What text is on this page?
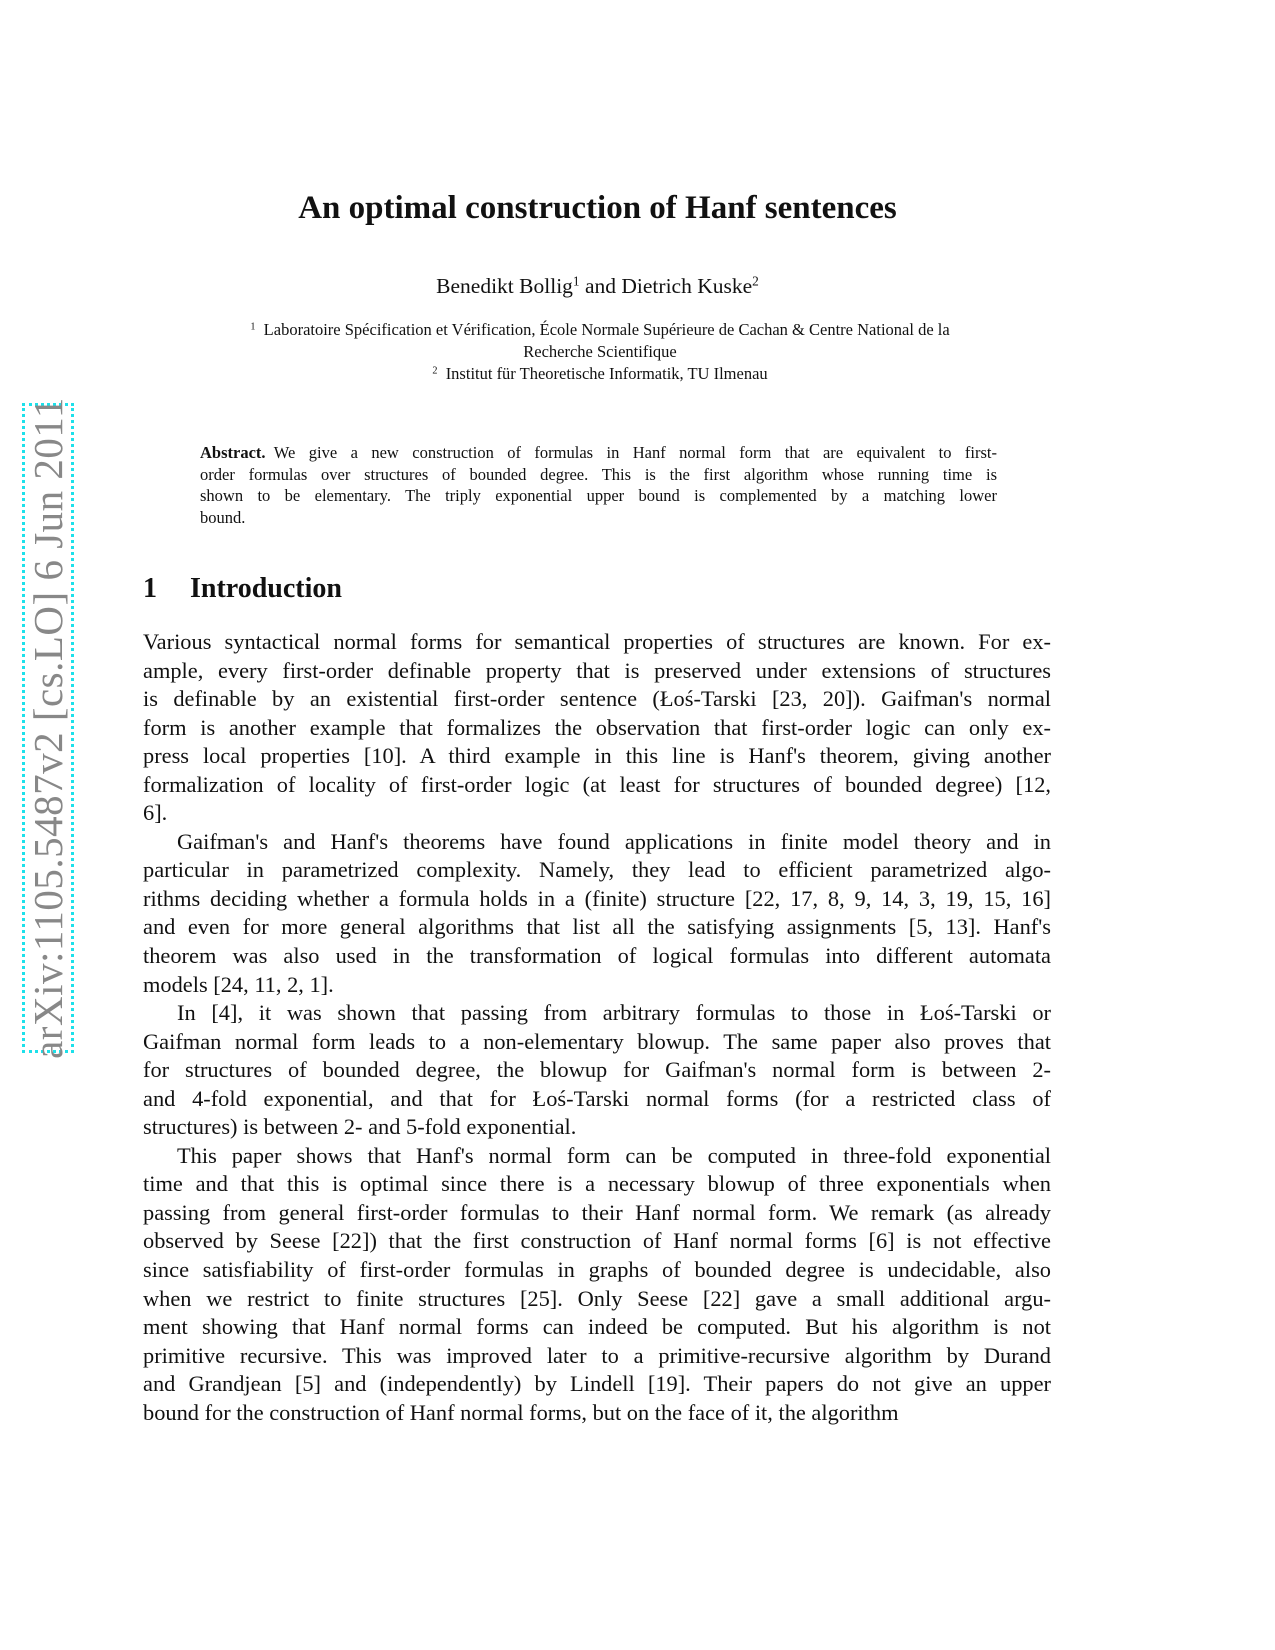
arXiv:1105.5487v2 [cs.LO] 6 Jun 2011
An optimal construction of Hanf sentences
Benedikt Bollig$^1$ and Dietrich Kuske$^2$
$^1$ Laboratoire Spécification et Vérification, École Normale Supérieure de Cachan & Centre National de la
Recherche Scientifique
$^2$ Institut für Theoretische Informatik, TU Ilmenau
Abstract.  We give a new construction of formulas in Hanf normal form that are equivalent to first-
order formulas over structures of bounded degree. This is the first algorithm whose running time is
shown to be elementary. The triply exponential upper bound is complemented by a matching lower
bound.
1 Introduction
Various syntactical normal forms for semantical properties of structures are known. For ex-
ample, every first-order definable property that is preserved under extensions of structures
is definable by an existential first-order sentence (Łoś-Tarski [23, 20]). Gaifman's normal
form is another example that formalizes the observation that first-order logic can only ex-
press local properties [10]. A third example in this line is Hanf's theorem, giving another
formalization of locality of first-order logic (at least for structures of bounded degree) [12,
6].
Gaifman's and Hanf's theorems have found applications in finite model theory and in
particular in parametrized complexity. Namely, they lead to efficient parametrized algo-
rithms deciding whether a formula holds in a (finite) structure [22, 17, 8, 9, 14, 3, 19, 15, 16]
and even for more general algorithms that list all the satisfying assignments [5, 13]. Hanf's
theorem was also used in the transformation of logical formulas into different automata
models [24, 11, 2, 1].
In [4], it was shown that passing from arbitrary formulas to those in Łoś-Tarski or
Gaifman normal form leads to a non-elementary blowup. The same paper also proves that
for structures of bounded degree, the blowup for Gaifman's normal form is between 2-
and 4-fold exponential, and that for Łoś-Tarski normal forms (for a restricted class of
structures) is between 2- and 5-fold exponential.
This paper shows that Hanf's normal form can be computed in three-fold exponential
time and that this is optimal since there is a necessary blowup of three exponentials when
passing from general first-order formulas to their Hanf normal form. We remark (as already
observed by Seese [22]) that the first construction of Hanf normal forms [6] is not effective
since satisfiability of first-order formulas in graphs of bounded degree is undecidable, also
when we restrict to finite structures [25]. Only Seese [22] gave a small additional argu-
ment showing that Hanf normal forms can indeed be computed. But his algorithm is not
primitive recursive. This was improved later to a primitive-recursive algorithm by Durand
and Grandjean [5] and (independently) by Lindell [19]. Their papers do not give an upper
bound for the construction of Hanf normal forms, but on the face of it, the algorithm
